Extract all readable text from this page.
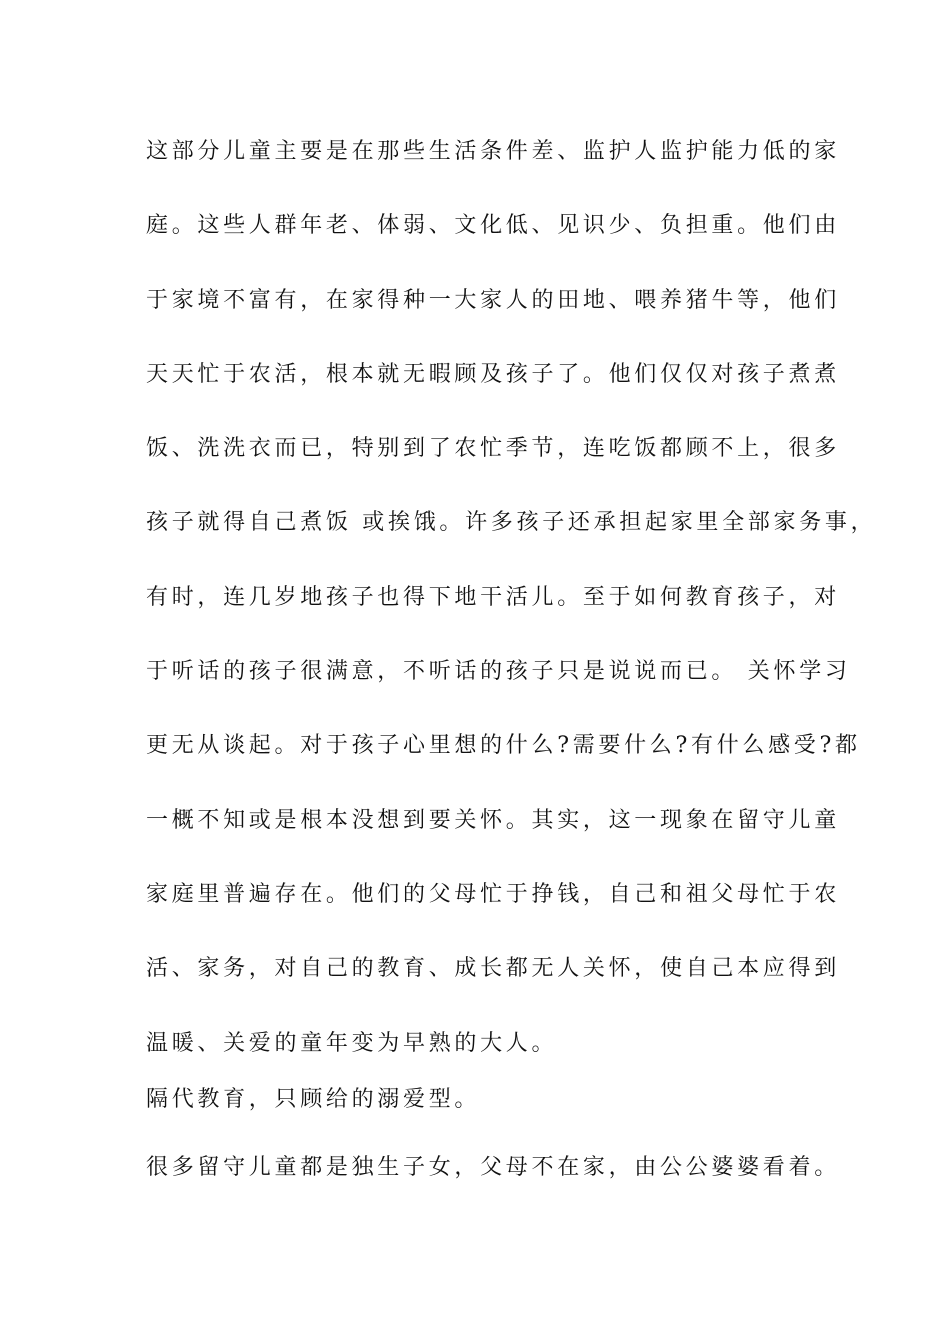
这部分儿童主要是在那些生活条件差、监护人监护能力低的家
庭。这些人群年老、体弱、文化低、见识少、负担重。他们由
于家境不富有，在家得种一大家人的田地、喂养猪牛等，他们
天天忙于农活，根本就无暇顾及孩子了。他们仅仅对孩子煮煮
饭、洗洗衣而已，特别到了农忙季节，连吃饭都顾不上，很多
孩子就得自己煮饭 或挨饿。许多孩子还承担起家里全部家务事，
有时，连几岁地孩子也得下地干活儿。至于如何教育孩子，对
于听话的孩子很满意，不听话的孩子只是说说而已。 关怀学习
更无从谈起。对于孩子心里想的什么?需要什么?有什么感受?都
一概不知或是根本没想到要关怀。其实，这一现象在留守儿童
家庭里普遍存在。他们的父母忙于挣钱，自己和祖父母忙于农
活、家务，对自己的教育、成长都无人关怀，使自己本应得到
温暖、关爱的童年变为早熟的大人。
隔代教育，只顾给的溺爱型。
很多留守儿童都是独生子女，父母不在家，由公公婆婆看着。
